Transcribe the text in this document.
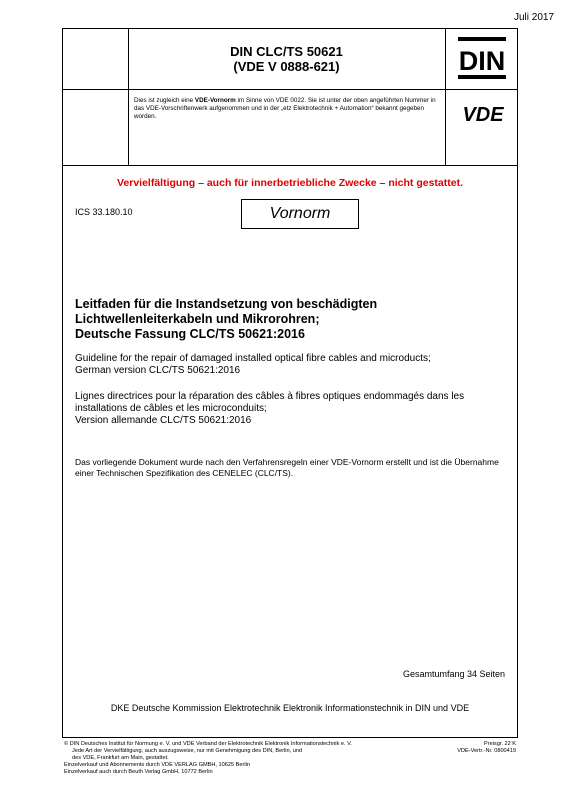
Juli 2017
DIN CLC/TS 50621
(VDE V 0888-621)	DIN
Dies ist zugleich eine VDE-Vornorm im Sinne von VDE 0022. Sie ist unter der oben angeführten Nummer in das VDE-Vorschriftenwerk aufgenommen und in der „etz Elektrotechnik + Automation“ bekannt gegeben worden.	VDE
Vervielfältigung – auch für innerbetriebliche Zwecke – nicht gestattet.
ICS 33.180.10	Vornorm
Leitfaden für die Instandsetzung von beschädigten
Lichtwellenleiterkabeln und Mikrorohren;
Deutsche Fassung CLC/TS 50621:2016
Guideline for the repair of damaged installed optical fibre cables and microducts;
German version CLC/TS 50621:2016
Lignes directrices pour la réparation des câbles à fibres optiques endommagés dans les
installations de câbles et les microconduits;
Version allemande CLC/TS 50621:2016
Das vorliegende Dokument wurde nach den Verfahrensregeln einer VDE-Vornorm erstellt und ist die Übernahme einer Technischen Spezifikation des CENELEC (CLC/TS).
Gesamtumfang 34 Seiten
DKE Deutsche Kommission Elektrotechnik Elektronik Informationstechnik in DIN und VDE
© DIN Deutsches Institut für Normung e. V. und VDE Verband der Elektrotechnik Elektronik Informationstechnik e. V.
Jede Art der Vervielfältigung, auch auszugsweise, nur mit Genehmigung des DIN, Berlin, und
des VDE, Frankfurt am Main, gestattet.
Einzelverkauf und Abonnements durch VDE VERLAG GMBH, 10625 Berlin
Einzelverkauf auch durch Beuth Verlag GmbH, 10772 Berlin
Preisgr. 22 K
VDE-Vertr.-Nr. 0800419
